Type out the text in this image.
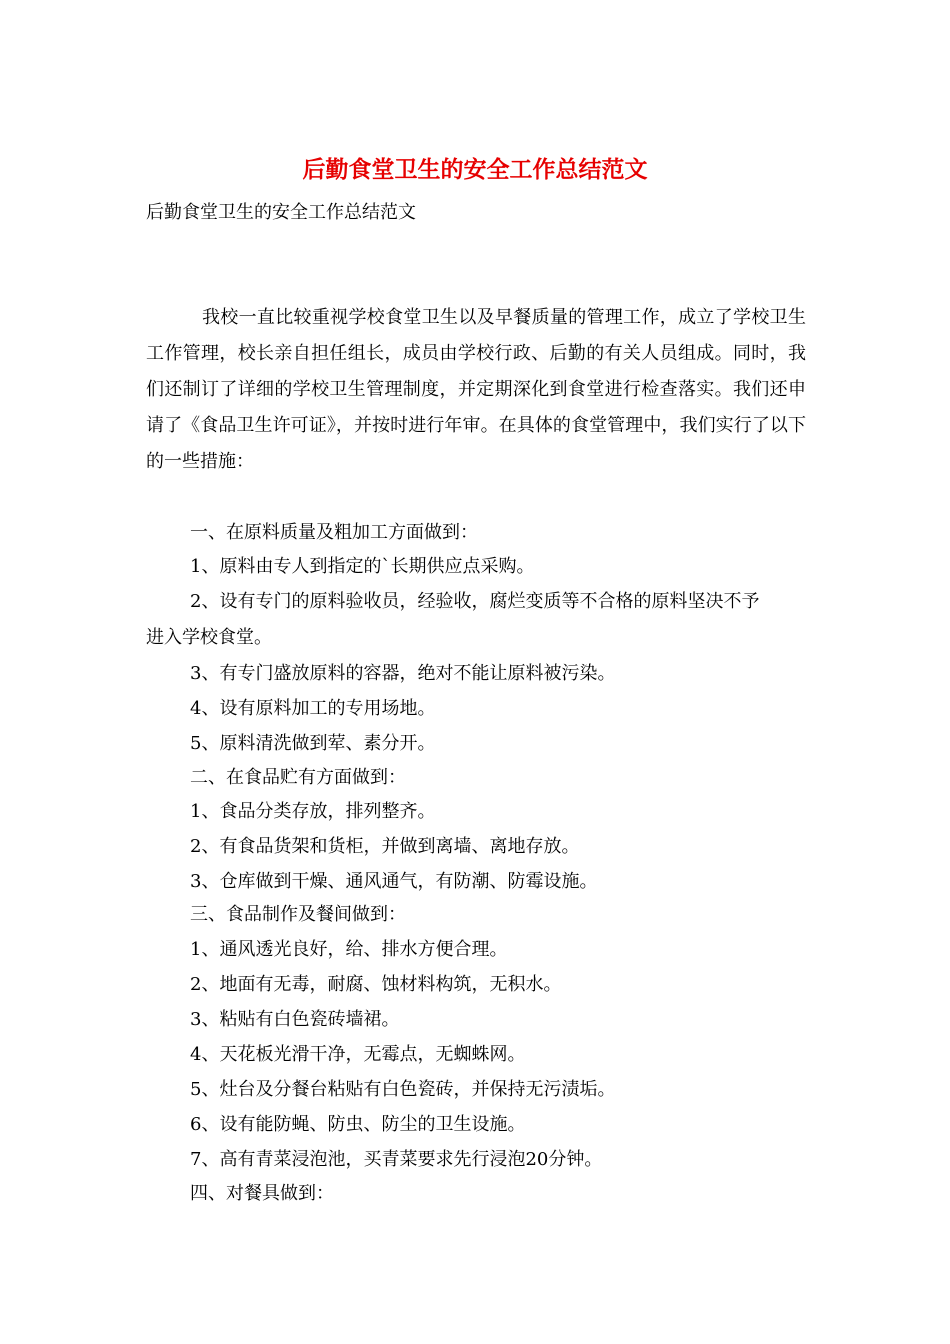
后勤食堂卫生的安全工作总结范文
后勤食堂卫生的安全工作总结范文
我校一直比较重视学校食堂卫生以及早餐质量的管理工作，成立了学校卫生工作管理，校长亲自担任组长，成员由学校行政、后勤的有关人员组成。同时，我们还制订了详细的学校卫生管理制度，并定期深化到食堂进行检查落实。我们还申请了《食品卫生许可证》，并按时进行年审。在具体的食堂管理中，我们实行了以下的一些措施：
一、在原料质量及粗加工方面做到：
1、原料由专人到指定的`长期供应点采购。
2、设有专门的原料验收员，经验收，腐烂变质等不合格的原料坚决不予
进入学校食堂。
3、有专门盛放原料的容器，绝对不能让原料被污染。
4、设有原料加工的专用场地。
5、原料清洗做到荤、素分开。
二、在食品贮有方面做到：
1、食品分类存放，排列整齐。
2、有食品货架和货柜，并做到离墙、离地存放。
3、仓库做到干燥、通风通气，有防潮、防霉设施。
三、食品制作及餐间做到：
1、通风透光良好，给、排水方便合理。
2、地面有无毒，耐腐、蚀材料构筑，无积水。
3、粘贴有白色瓷砖墙裙。
4、天花板光滑干净，无霉点，无蜘蛛网。
5、灶台及分餐台粘贴有白色瓷砖，并保持无污渍垢。
6、设有能防蝇、防虫、防尘的卫生设施。
7、高有青菜浸泡池，买青菜要求先行浸泡20分钟。
四、对餐具做到：
